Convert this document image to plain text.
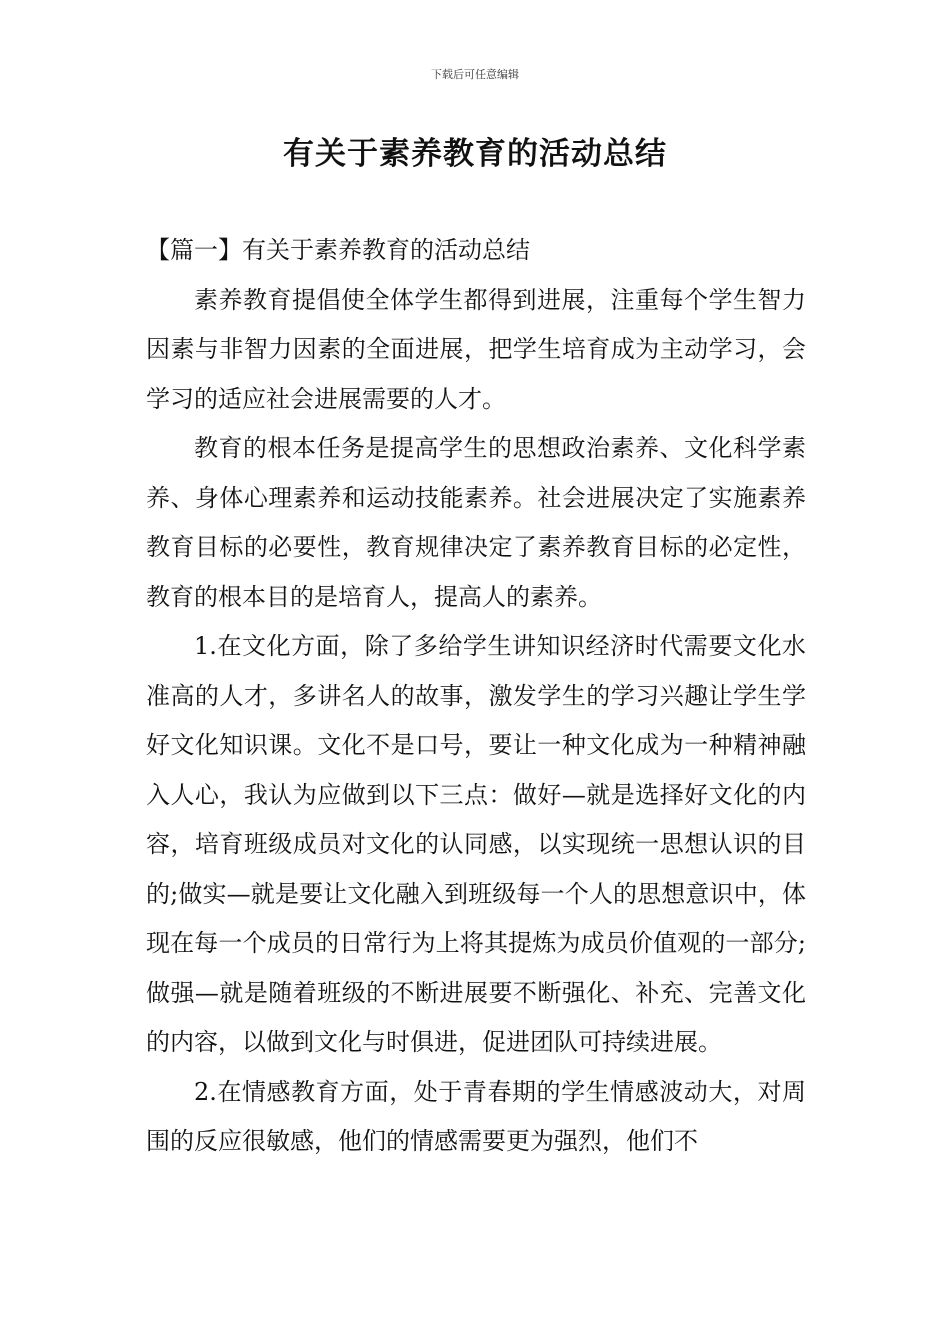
下载后可任意编辑
有关于素养教育的活动总结

【篇一】有关于素养教育的活动总结

素养教育提倡使全体学生都得到进展，注重每个学生智力因素与非智力因素的全面进展，把学生培育成为主动学习，会学习的适应社会进展需要的人才。

教育的根本任务是提高学生的思想政治素养、文化科学素养、身体心理素养和运动技能素养。社会进展决定了实施素养教育目标的必要性，教育规律决定了素养教育目标的必定性，教育的根本目的是培育人，提高人的素养。

1.在文化方面，除了多给学生讲知识经济时代需要文化水准高的人才，多讲名人的故事，激发学生的学习兴趣让学生学好文化知识课。文化不是口号，要让一种文化成为一种精神融入人心，我认为应做到以下三点：做好—就是选择好文化的内容，培育班级成员对文化的认同感，以实现统一思想认识的目的;做实—就是要让文化融入到班级每一个人的思想意识中，体现在每一个成员的日常行为上将其提炼为成员价值观的一部分;做强—就是随着班级的不断进展要不断强化、补充、完善文化的内容，以做到文化与时俱进，促进团队可持续进展。

2.在情感教育方面，处于青春期的学生情感波动大，对周围的反应很敏感，他们的情感需要更为强烈，他们不
